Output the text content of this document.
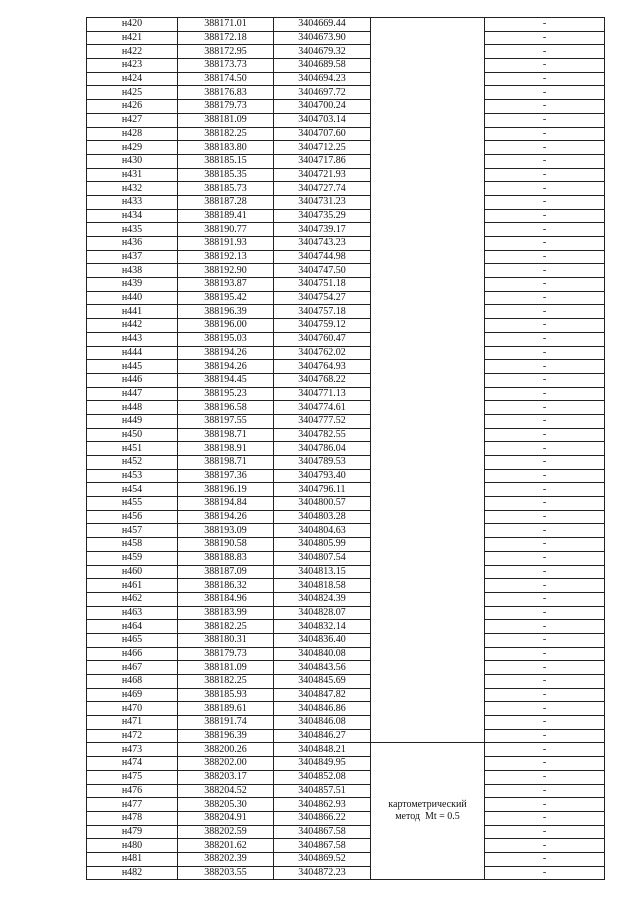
н420	388171.01	3404669.44		-
н421	388172.18	3404673.90		-
н422	388172.95	3404679.32		-
н423	388173.73	3404689.58		-
н424	388174.50	3404694.23		-
н425	388176.83	3404697.72		-
н426	388179.73	3404700.24		-
н427	388181.09	3404703.14		-
н428	388182.25	3404707.60		-
н429	388183.80	3404712.25		-
н430	388185.15	3404717.86		-
н431	388185.35	3404721.93		-
н432	388185.73	3404727.74		-
н433	388187.28	3404731.23		-
н434	388189.41	3404735.29		-
н435	388190.77	3404739.17		-
н436	388191.93	3404743.23		-
н437	388192.13	3404744.98		-
н438	388192.90	3404747.50		-
н439	388193.87	3404751.18		-
н440	388195.42	3404754.27		-
н441	388196.39	3404757.18		-
н442	388196.00	3404759.12		-
н443	388195.03	3404760.47		-
н444	388194.26	3404762.02		-
н445	388194.26	3404764.93		-
н446	388194.45	3404768.22		-
н447	388195.23	3404771.13		-
н448	388196.58	3404774.61		-
н449	388197.55	3404777.52		-
н450	388198.71	3404782.55		-
н451	388198.91	3404786.04		-
н452	388198.71	3404789.53		-
н453	388197.36	3404793.40		-
н454	388196.19	3404796.11		-
н455	388194.84	3404800.57		-
н456	388194.26	3404803.28		-
н457	388193.09	3404804.63		-
н458	388190.58	3404805.99		-
н459	388188.83	3404807.54		-
н460	388187.09	3404813.15		-
н461	388186.32	3404818.58		-
н462	388184.96	3404824.39		-
н463	388183.99	3404828.07		-
н464	388182.25	3404832.14		-
н465	388180.31	3404836.40		-
н466	388179.73	3404840.08		-
н467	388181.09	3404843.56		-
н468	388182.25	3404845.69		-
н469	388185.93	3404847.82		-
н470	388189.61	3404846.86		-
н471	388191.74	3404846.08		-
н472	388196.39	3404846.27		-
н473	388200.26	3404848.21	картометрический
метод  Mt = 0.5	-
н474	388202.00	3404849.95		-
н475	388203.17	3404852.08		-
н476	388204.52	3404857.51		-
н477	388205.30	3404862.93		-
н478	388204.91	3404866.22		-
н479	388202.59	3404867.58		-
н480	388201.62	3404867.58		-
н481	388202.39	3404869.52		-
н482	388203.55	3404872.23		-
